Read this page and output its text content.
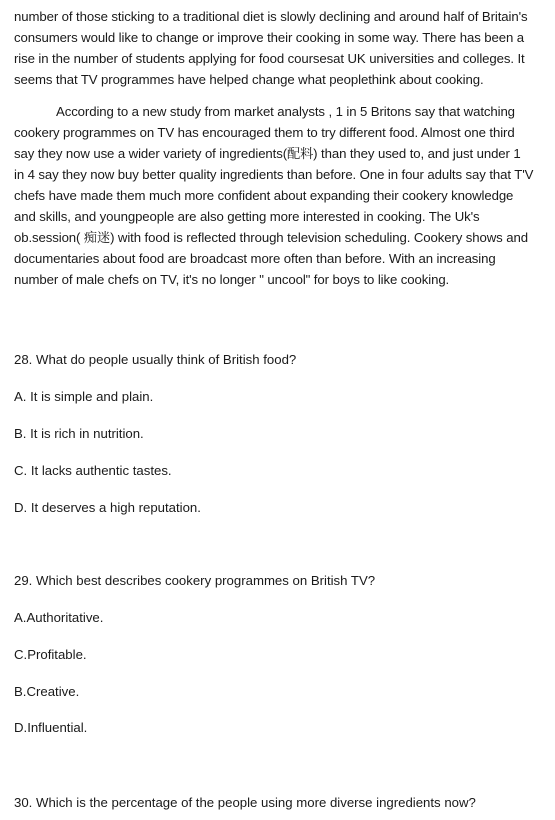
number of those sticking to a traditional diet is slowly declining and around half of Britain's consumers would like to change or improve their cooking in some way. There has been a rise in the number of students applying for food coursesat UK universities and colleges. It seems that TV programmes have helped change what peoplethink about cooking.

According to a new study from market analysts , 1 in 5 Britons say that watching cookery programmes on TV has encouraged them to try different food. Almost one third say they now use a wider variety of ingredients(配料) than they used to, and just under 1 in 4 say they now buy better quality ingredients than before. One in four adults say that T'V chefs have made them much more confident about expanding their cookery knowledge and skills, and youngpeople are also getting more interested in cooking. The Uk's ob.session( 痴迷) with food is reflected through television scheduling. Cookery shows and documentaries about food are broadcast more often than before. With an increasing number of male chefs on TV, it's no longer " uncool" for boys to like cooking.

28. What do people usually think of British food?

A. It is simple and plain.

B. It is rich in nutrition.

C. It lacks authentic tastes.

D. It deserves a high reputation.

29. Which best describes cookery programmes on British TV?

A.Authoritative.

C.Profitable.

B.Creative.

D.Influential.

30. Which is the percentage of the people using more diverse ingredients now?
